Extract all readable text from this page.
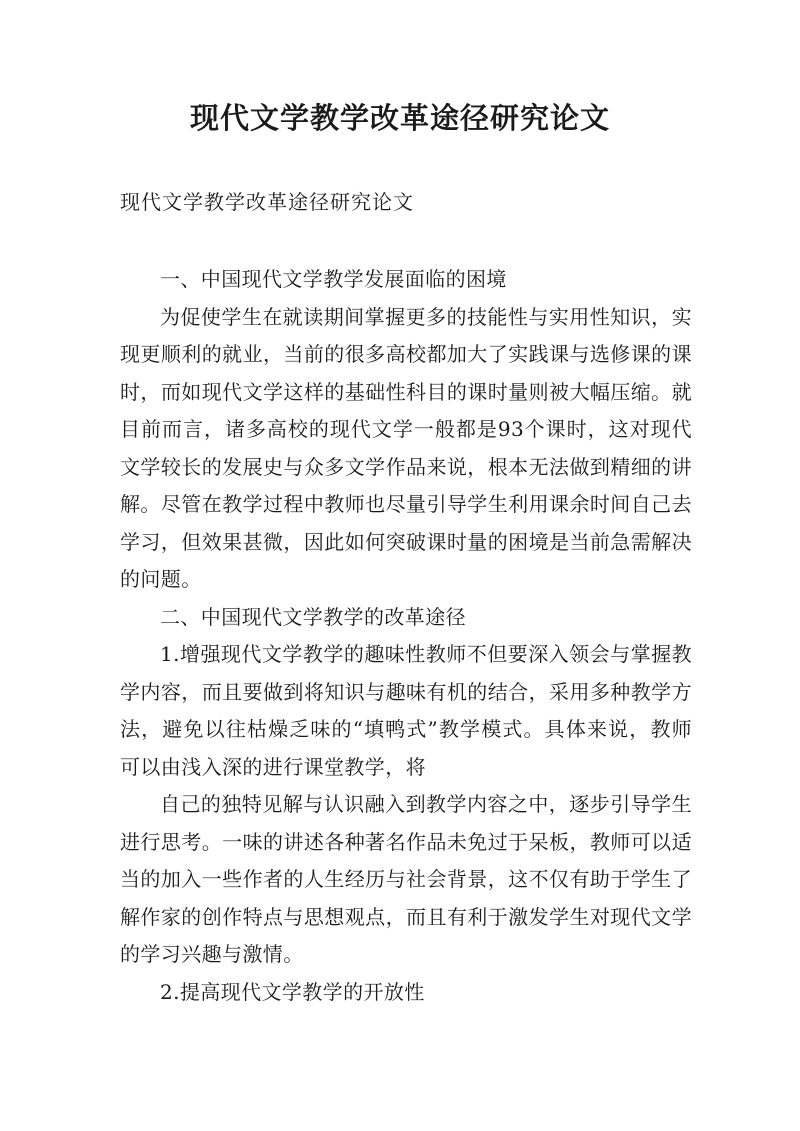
现代文学教学改革途径研究论文

现代文学教学改革途径研究论文

一、中国现代文学教学发展面临的困境

为促使学生在就读期间掌握更多的技能性与实用性知识，实现更顺利的就业，当前的很多高校都加大了实践课与选修课的课时，而如现代文学这样的基础性科目的课时量则被大幅压缩。就目前而言，诸多高校的现代文学一般都是93个课时，这对现代文学较长的发展史与众多文学作品来说，根本无法做到精细的讲解。尽管在教学过程中教师也尽量引导学生利用课余时间自己去学习，但效果甚微，因此如何突破课时量的困境是当前急需解决的问题。

二、中国现代文学教学的改革途径

1.增强现代文学教学的趣味性教师不但要深入领会与掌握教学内容，而且要做到将知识与趣味有机的结合，采用多种教学方法，避免以往枯燥乏味的“填鸭式”教学模式。具体来说，教师可以由浅入深的进行课堂教学，将

自己的独特见解与认识融入到教学内容之中，逐步引导学生进行思考。一味的讲述各种著名作品未免过于呆板，教师可以适当的加入一些作者的人生经历与社会背景，这不仅有助于学生了解作家的创作特点与思想观点，而且有利于激发学生对现代文学的学习兴趣与激情。

2.提高现代文学教学的开放性
